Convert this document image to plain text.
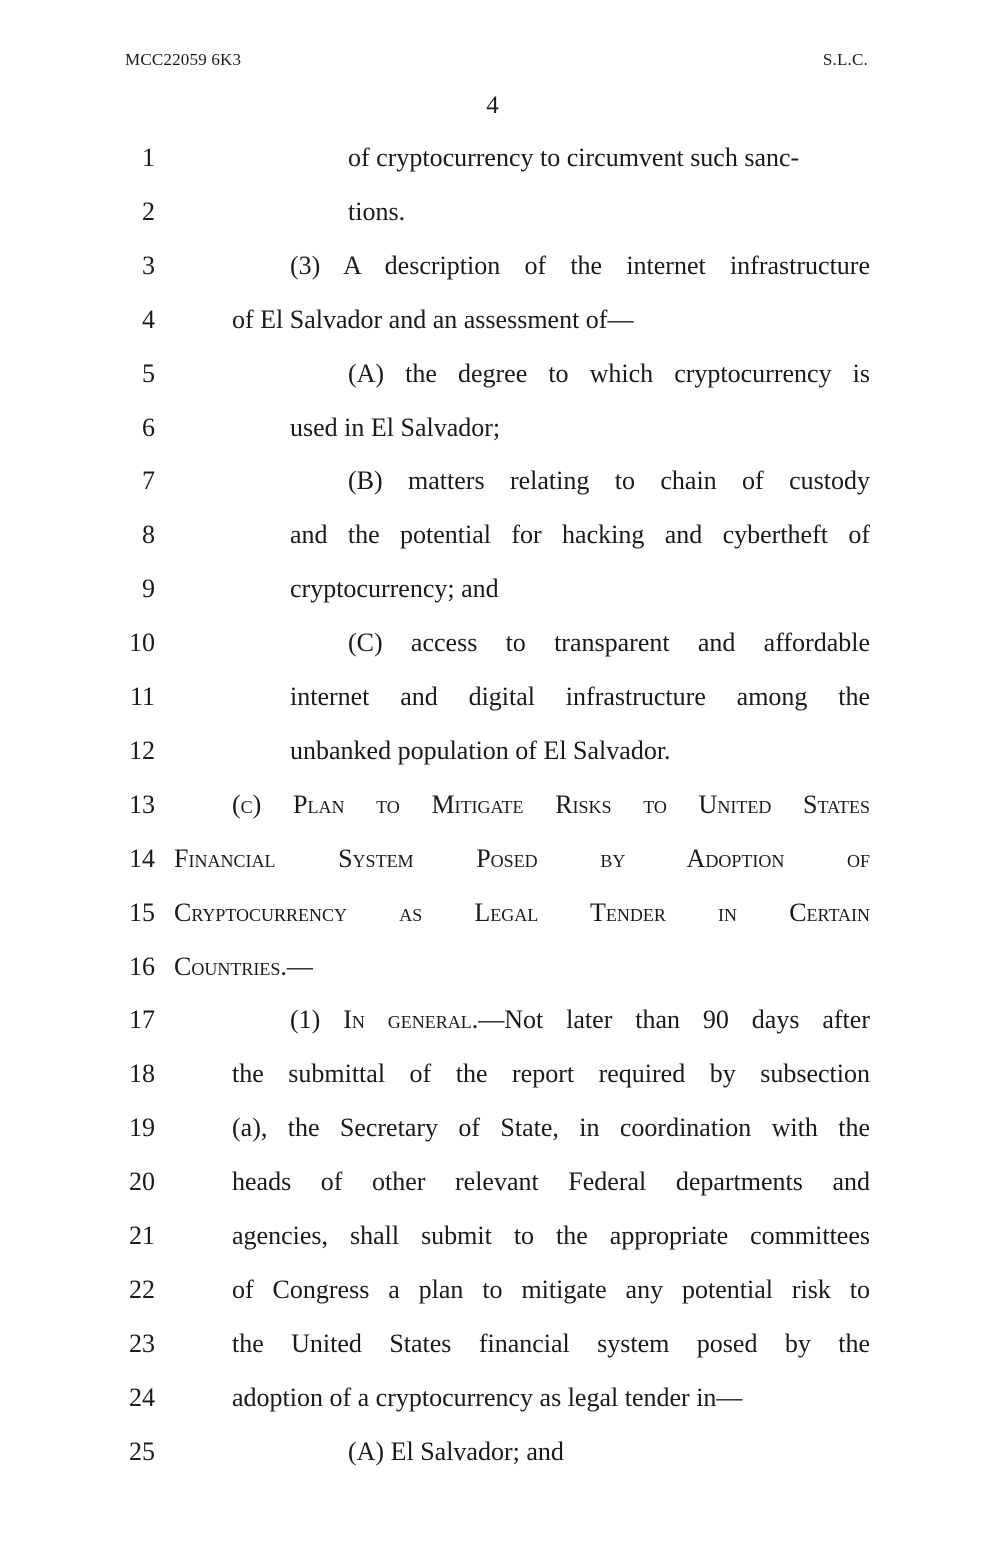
MCC22059 6K3	S.L.C.
4
1	of cryptocurrency to circumvent such sanc-
2	tions.
3	(3) A description of the internet infrastructure
4	of El Salvador and an assessment of—
5	(A) the degree to which cryptocurrency is
6	used in El Salvador;
7	(B) matters relating to chain of custody
8	and the potential for hacking and cybertheft of
9	cryptocurrency; and
10	(C) access to transparent and affordable
11	internet and digital infrastructure among the
12	unbanked population of El Salvador.
13	(c) Plan to Mitigate Risks to United States
14 Financial System Posed by Adoption of
15 Cryptocurrency as Legal Tender in Certain
16 Countries.—
17	(1) In general.—Not later than 90 days after
18	the submittal of the report required by subsection
19	(a), the Secretary of State, in coordination with the
20	heads of other relevant Federal departments and
21	agencies, shall submit to the appropriate committees
22	of Congress a plan to mitigate any potential risk to
23	the United States financial system posed by the
24	adoption of a cryptocurrency as legal tender in—
25	(A) El Salvador; and
